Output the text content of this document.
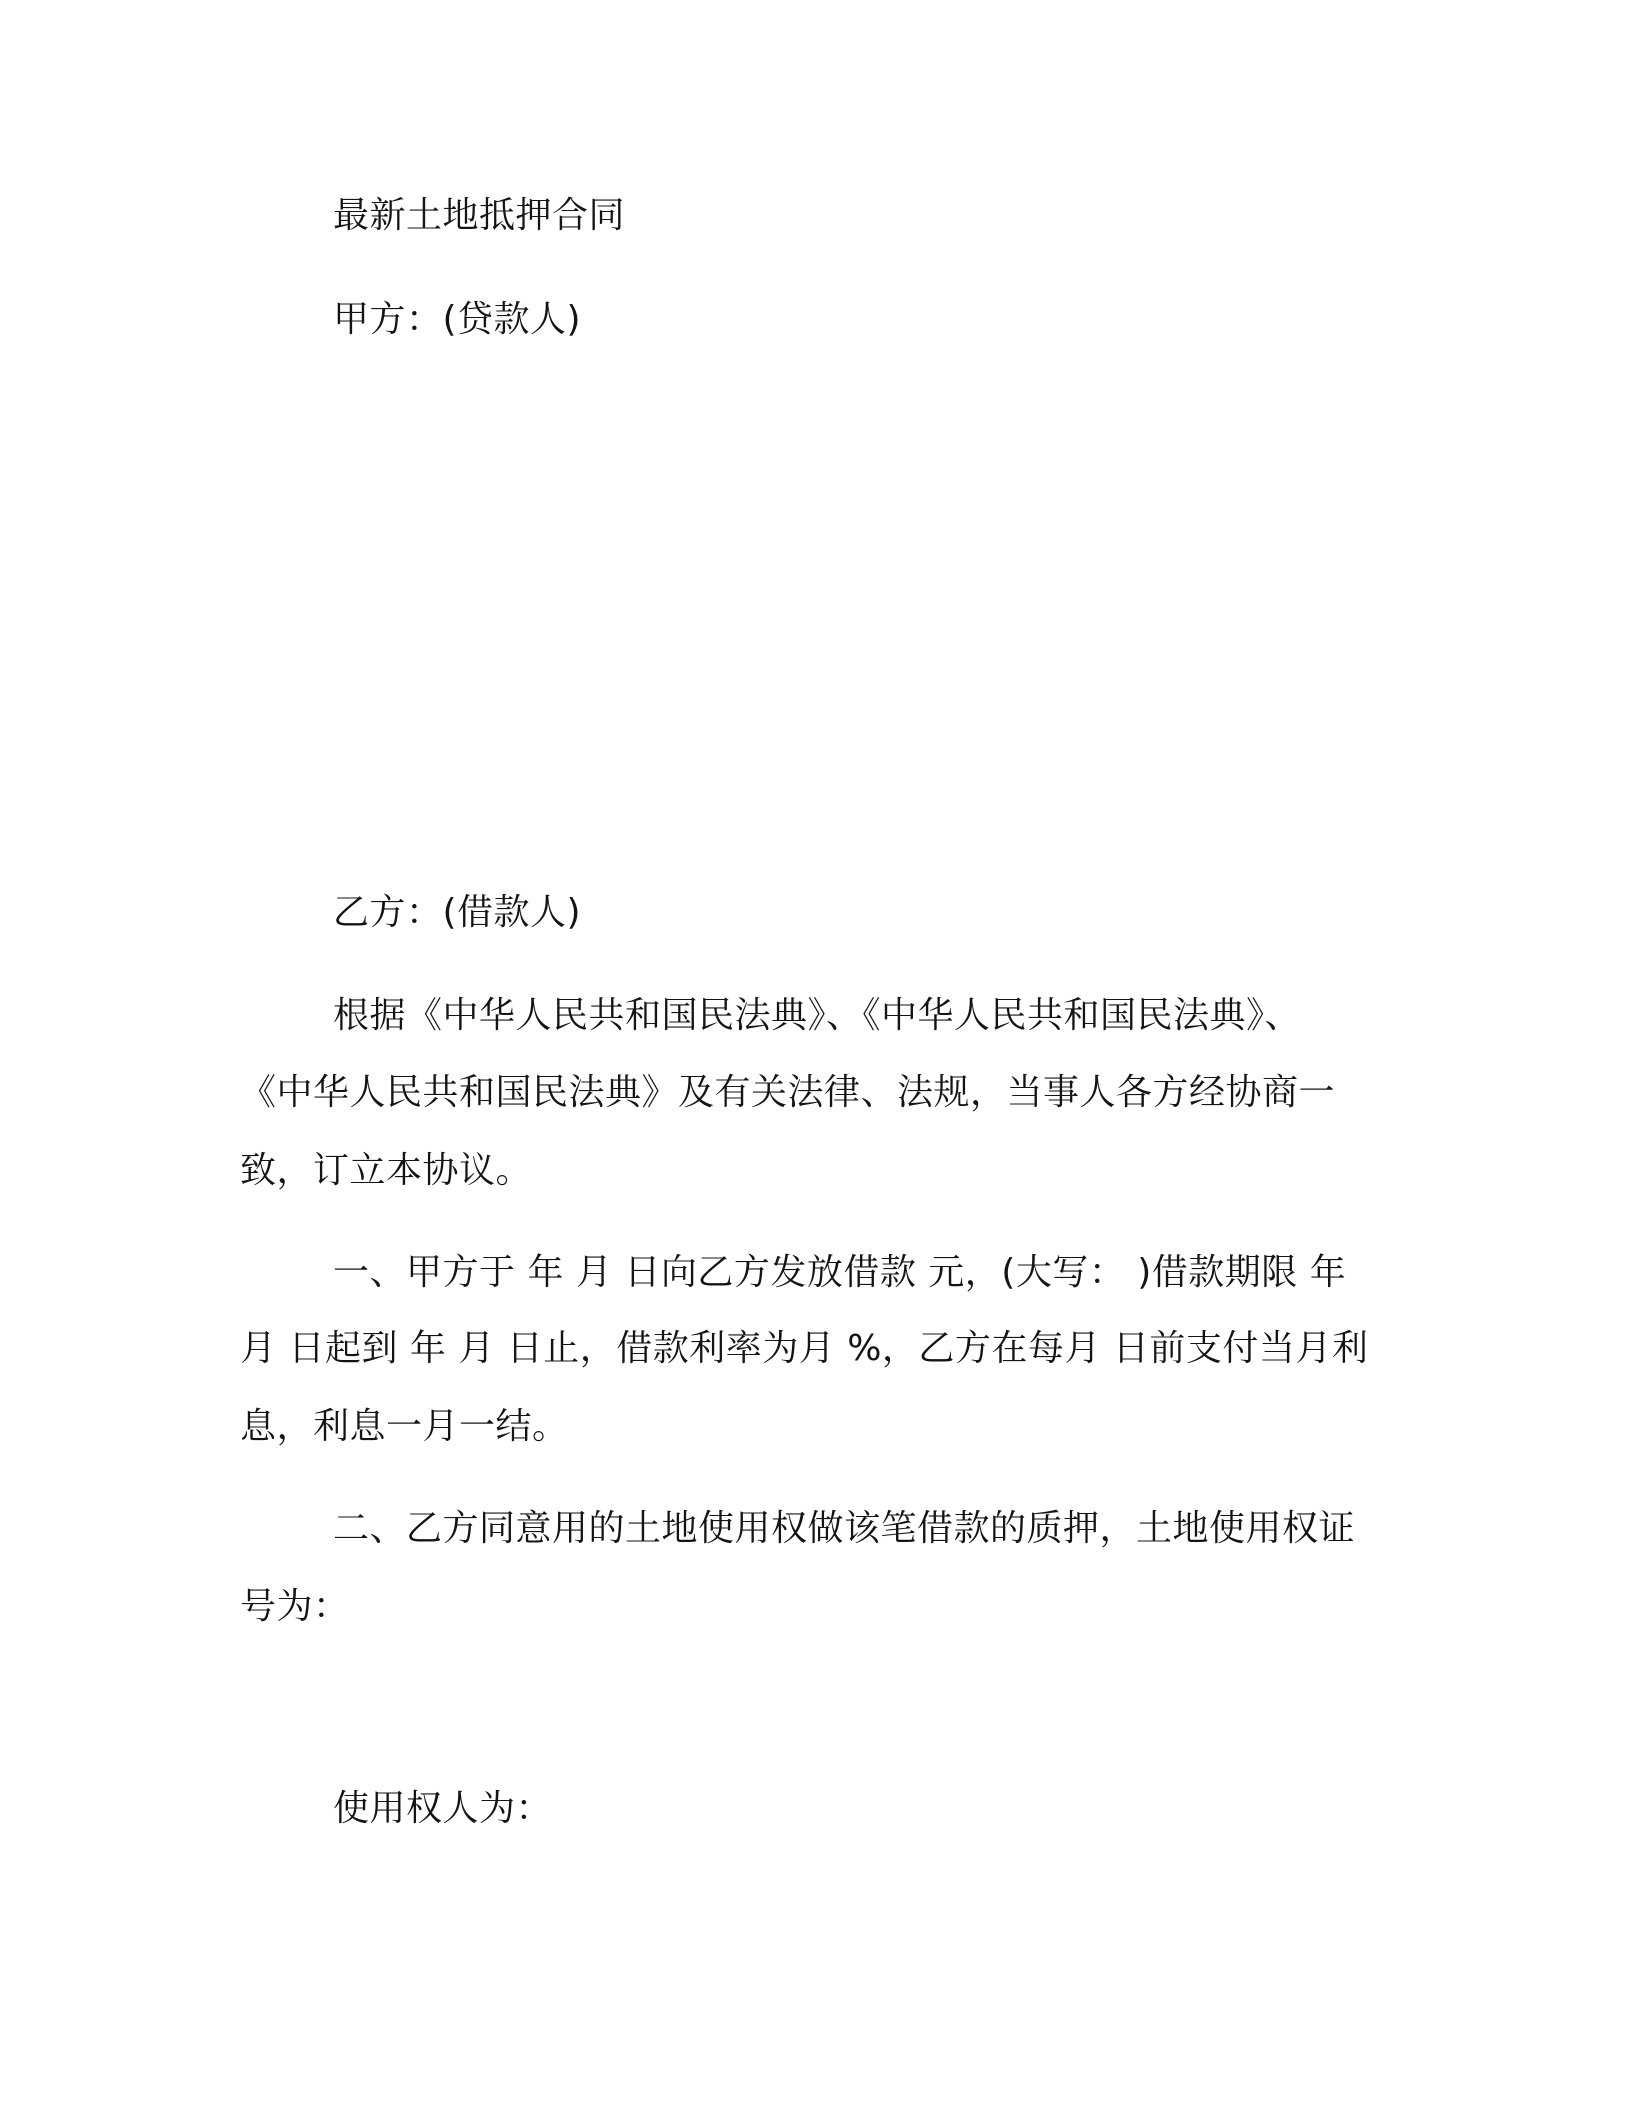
最新土地抵押合同
甲方：(贷款人)
乙方：(借款人)
根据《中华人民共和国民法典》、《中华人民共和国民法典》、
《中华人民共和国民法典》及有关法律、法规，当事人各方经协商一
致，订立本协议。
一、甲方于 年 月 日向乙方发放借款 元，(大写： )借款期限 年
月 日起到 年 月 日止，借款利率为月 %，乙方在每月 日前支付当月利
息，利息一月一结。
二、乙方同意用的土地使用权做该笔借款的质押，土地使用权证
号为：
使用权人为：
